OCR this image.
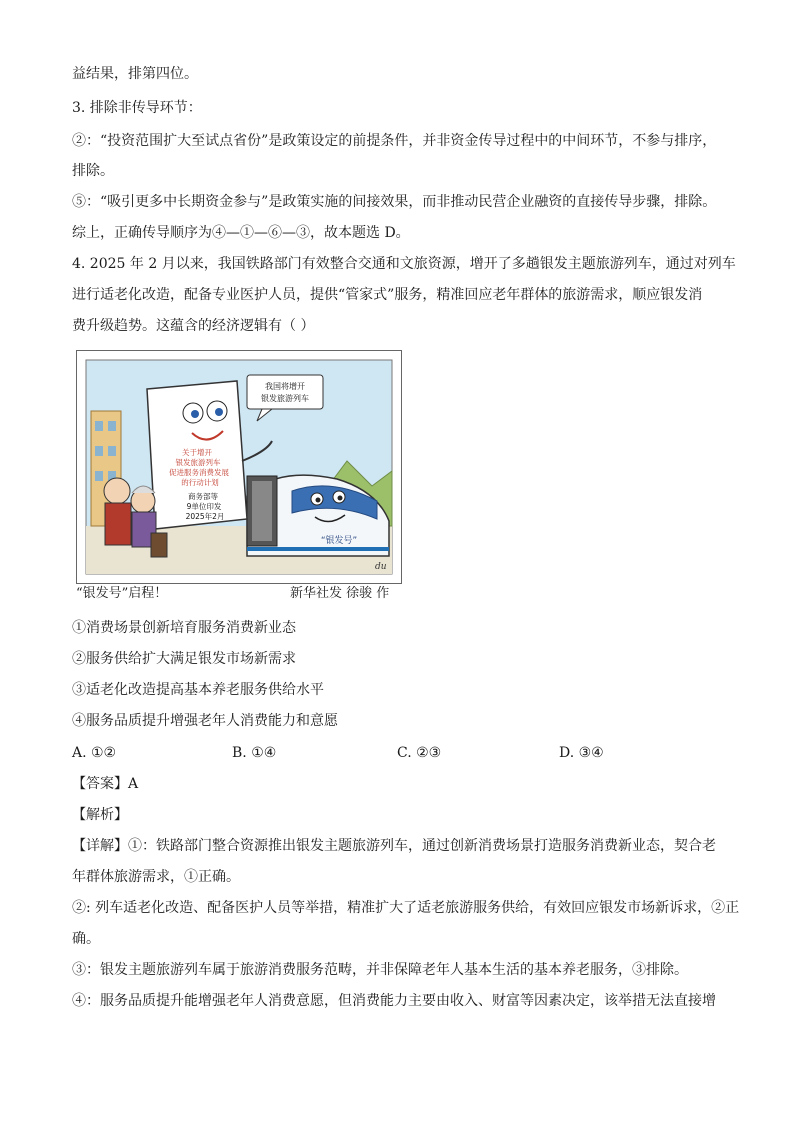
益结果，排第四位。
3. 排除非传导环节：
②：“投资范围扩大至试点省份”是政策设定的前提条件，并非资金传导过程中的中间环节，不参与排序，
排除。
⑤：“吸引更多中长期资金参与”是政策实施的间接效果，而非推动民营企业融资的直接传导步骤，排除。
综上，正确传导顺序为④—①—⑥—③，故本题选 D。
4. 2025 年 2 月以来，我国铁路部门有效整合交通和文旅资源，增开了多趟银发主题旅游列车，通过对列车
进行适老化改造，配备专业医护人员，提供“管家式”服务，精准回应老年群体的旅游需求，顺应银发消
费升级趋势。这蕴含的经济逻辑有（ ）
我国将增开
银发旅游列车
关于增开
银发旅游列车
促进服务消费发展
的行动计划
商务部等
9单位印发
2025年2月
“银发号”
du
“银发号”启程！	新华社发 徐骏 作
①消费场景创新培育服务消费新业态
②服务供给扩大满足银发市场新需求
③适老化改造提高基本养老服务供给水平
④服务品质提升增强老年人消费能力和意愿
A. ①②	B. ①④	C. ②③	D. ③④
【答案】A
【解析】
【详解】①：铁路部门整合资源推出银发主题旅游列车，通过创新消费场景打造服务消费新业态，契合老
年群体旅游需求，①正确。
②: 列车适老化改造、配备医护人员等举措，精准扩大了适老旅游服务供给，有效回应银发市场新诉求，②正
确。
③：银发主题旅游列车属于旅游消费服务范畴，并非保障老年人基本生活的基本养老服务，③排除。
④：服务品质提升能增强老年人消费意愿，但消费能力主要由收入、财富等因素决定，该举措无法直接增
